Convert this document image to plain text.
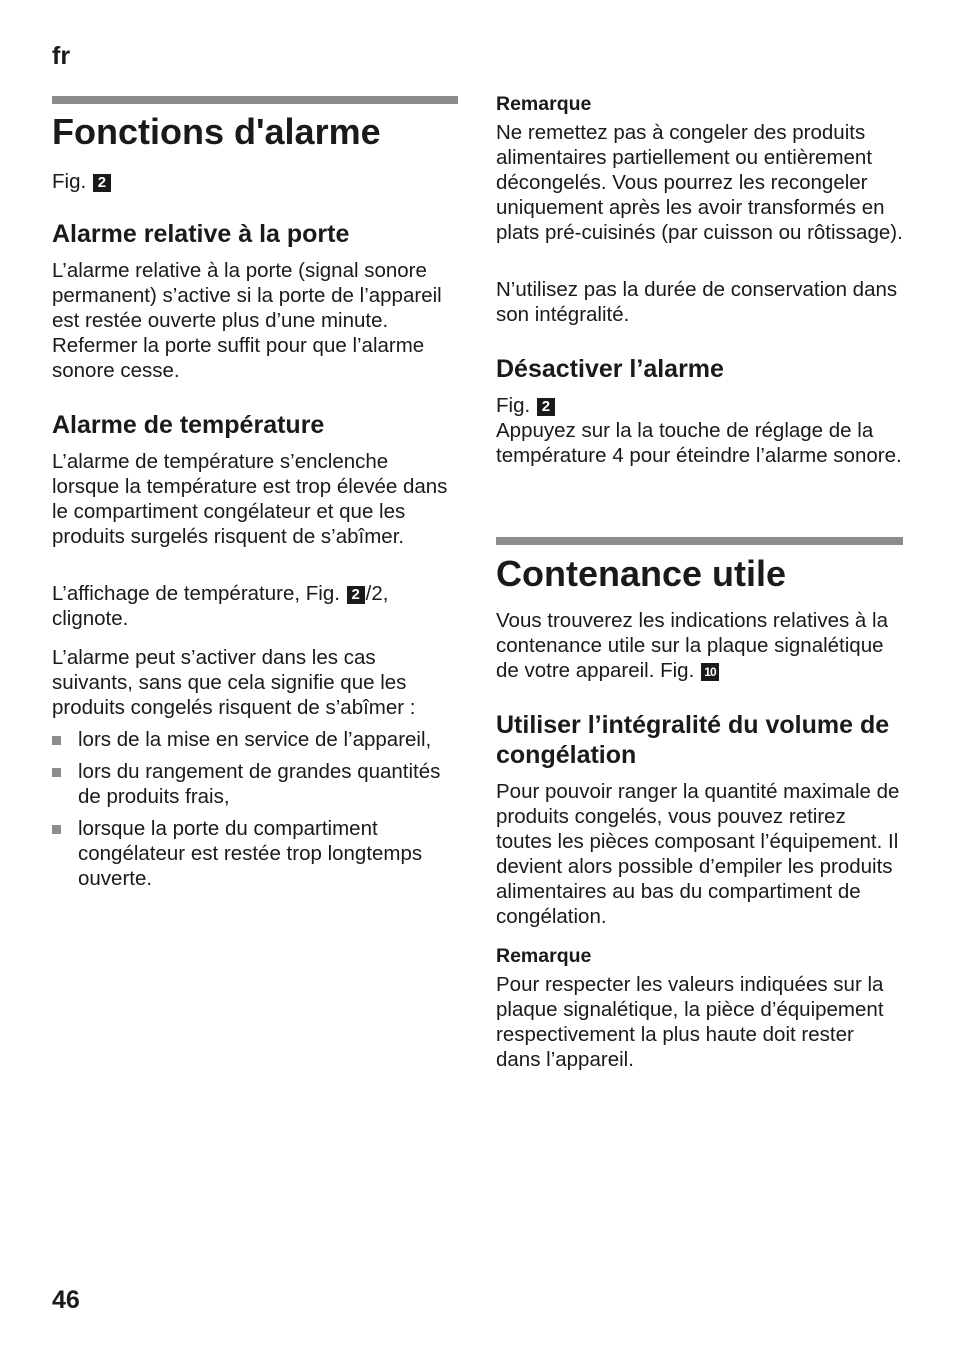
fr
Fonctions d'alarme

Fig. 2

Alarme relative à la porte

L’alarme relative à la porte (signal sonore permanent) s’active si la porte de l’appareil est restée ouverte plus d’une minute. Refermer la porte suffit pour que l’alarme sonore cesse.

Alarme de température

L’alarme de température s’enclenche lorsque la température est trop élevée dans le compartiment congélateur et que les produits surgelés risquent de s’abîmer.

L’affichage de température, Fig. 2 /2, clignote.

L’alarme peut s’activer dans les cas suivants, sans que cela signifie que les produits congelés risquent de s’abîmer :

lors de la mise en service de l’appareil,
lors du rangement de grandes quantités de produits frais,
lorsque la porte du compartiment congélateur est restée trop longtemps ouverte.

Remarque

Ne remettez pas à congeler des produits alimentaires partiellement ou entièrement décongelés. Vous pourrez les recongeler uniquement après les avoir transformés en plats pré-cuisinés (par cuisson ou rôtissage).

N’utilisez pas la durée de conservation dans son intégralité.

Désactiver l’alarme

Fig. 2

Appuyez sur la la touche de réglage de la température 4 pour éteindre l’alarme sonore.

Contenance utile

Vous trouverez les indications relatives à la contenance utile sur la plaque signalétique de votre appareil. Fig. 10

Utiliser l’intégralité du volume de congélation

Pour pouvoir ranger la quantité maximale de produits congelés, vous pouvez retirez toutes les pièces composant l’équipement. Il devient alors possible d’empiler les produits alimentaires au bas du compartiment de congélation.

Remarque

Pour respecter les valeurs indiquées sur la plaque signalétique, la pièce d’équipement respectivement la plus haute doit rester dans l’appareil.

46
